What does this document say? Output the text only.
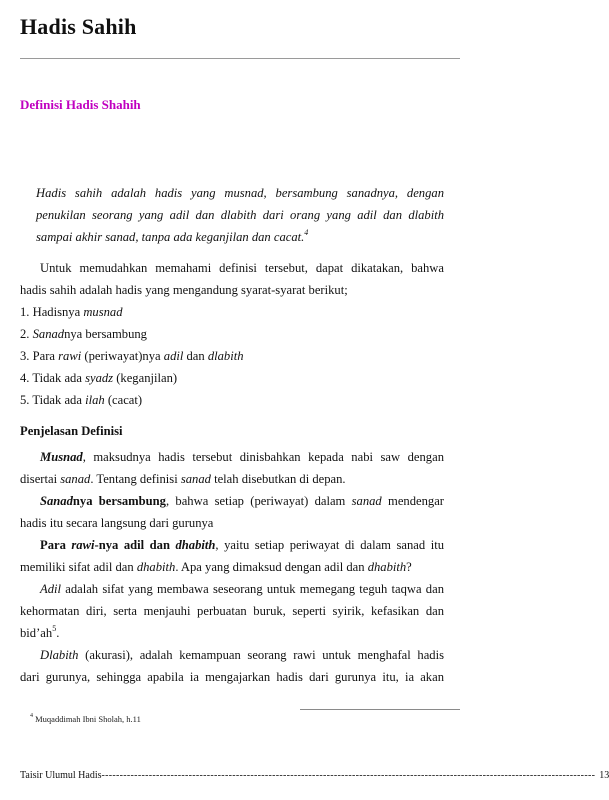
Hadis Sahih
Definisi Hadis Shahih
Hadis sahih adalah hadis yang musnad, bersambung sanadnya, dengan
penukilan seorang yang adil dan dlabith dari orang yang adil dan dlabith
sampai akhir sanad, tanpa ada keganjilan dan cacat.$^4$
Untuk memudahkan memahami definisi tersebut, dapat dikatakan, bahwa
hadis sahih adalah hadis yang mengandung syarat-syarat berikut;
1. Hadisnya musnad
2. Sanadnya bersambung
3. Para rawi (periwayat)nya adil dan dlabith
4. Tidak ada syadz (keganjilan)
5. Tidak ada ilah (cacat)
Penjelasan Definisi
Musnad, maksudnya hadis tersebut dinisbahkan kepada nabi saw dengan
disertai sanad. Tentang definisi sanad telah disebutkan di depan.
Sanadnya bersambung, bahwa setiap (periwayat) dalam sanad mendengar
hadis itu secara langsung dari gurunya
Para rawi-nya adil dan dhabith, yaitu setiap periwayat di dalam sanad itu
memiliki sifat adil dan dhabith. Apa yang dimaksud dengan adil dan dhabith?
Adil adalah sifat yang membawa seseorang untuk memegang teguh taqwa dan
kehormatan diri, serta menjauhi perbuatan buruk, seperti syirik, kefasikan dan
$bid’ah^5$.
Dlabith (akurasi), adalah kemampuan seorang rawi untuk menghafal hadis
dari gurunya, sehingga apabila ia mengajarkan hadis dari gurunya itu, ia akan
$^4$ Muqaddimah Ibni Sholah, h.11
Taisir Ulumul Hadis ---------------------------------------------------------------------------------------------------------------------------------------- 13
